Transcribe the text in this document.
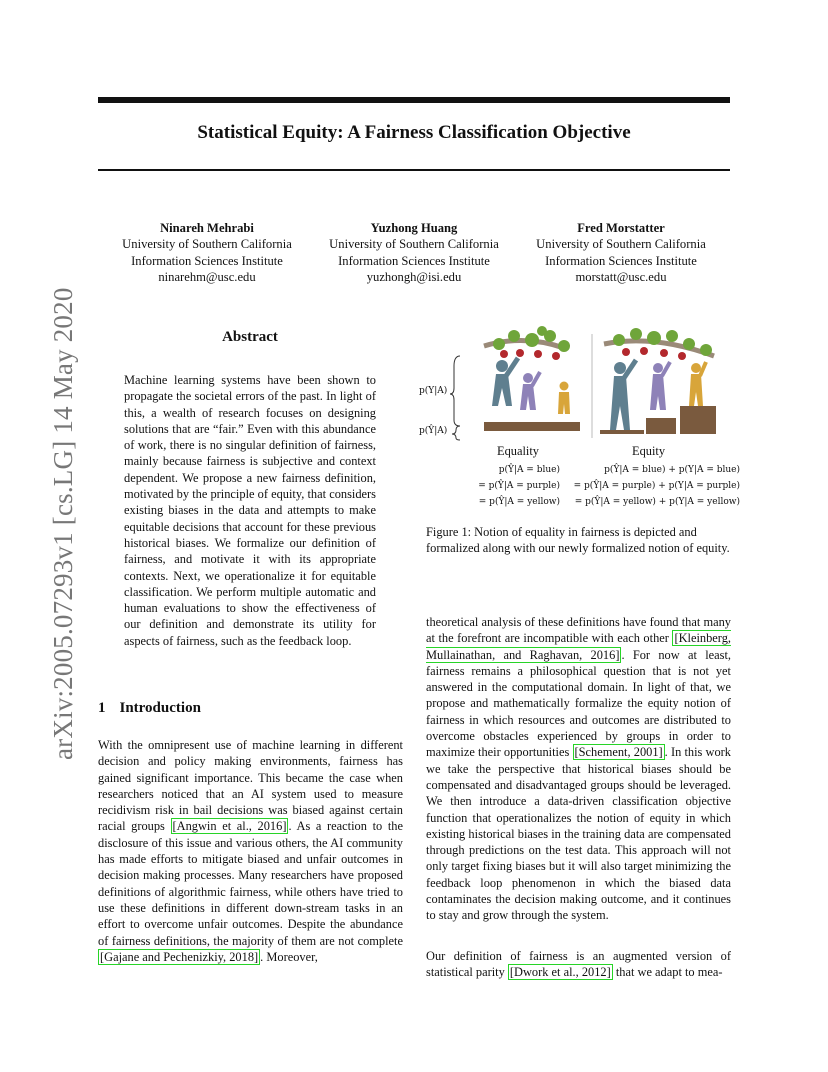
arXiv:2005.07293v1 [cs.LG] 14 May 2020
Statistical Equity: A Fairness Classification Objective
Ninareh Mehrabi
University of Southern California
Information Sciences Institute
ninarehm@usc.edu
Yuzhong Huang
University of Southern California
Information Sciences Institute
yuzhongh@isi.edu
Fred Morstatter
University of Southern California
Information Sciences Institute
morstatt@usc.edu
Abstract
Machine learning systems have been shown to propagate the societal errors of the past. In light of this, a wealth of research focuses on designing solutions that are “fair.” Even with this abundance of work, there is no singular definition of fairness, mainly because fairness is subjective and context dependent. We propose a new fairness definition, motivated by the principle of equity, that considers existing biases in the data and attempts to make equitable decisions that account for these previous historical biases. We formalize our definition of fairness, and motivate it with its appropriate contexts. Next, we operationalize it for equitable classification. We perform multiple automatic and human evaluations to show the effectiveness of our definition and demonstrate its utility for aspects of fairness, such as the feedback loop.
p(Y|A)
p(Ŷ|A)
Equality	Equity
p(Ŷ|A = blue)
= p(Ŷ|A = purple)
= p(Ŷ|A = yellow)
p(Ŷ|A = blue) + p(Y|A = blue)
= p(Ŷ|A = purple) + p(Y|A = purple)
= p(Ŷ|A = yellow) + p(Y|A = yellow)
Figure 1: Notion of equality in fairness is depicted and formalized along with our newly formalized notion of equity.
1 Introduction
With the omnipresent use of machine learning in different decision and policy making environments, fairness has gained significant importance. This became the case when researchers noticed that an AI system used to measure recidivism risk in bail decisions was biased against certain racial groups [Angwin et al., 2016] . As a reaction to the disclosure of this issue and various others, the AI community has made efforts to mitigate biased and unfair outcomes in decision making processes. Many researchers have proposed definitions of algorithmic fairness, while others have tried to use these definitions in different down-stream tasks in an effort to overcome unfair outcomes. Despite the abundance of fairness definitions, the majority of them are not complete [Gajane and Pechenizkiy, 2018] . Moreover,
theoretical analysis of these definitions have found that many at the forefront are incompatible with each other [Kleinberg, Mullainathan, and Raghavan, 2016] . For now at least, fairness remains a philosophical question that is not yet answered in the computational domain. In light of that, we propose and mathematically formalize the equity notion of fairness in which resources and outcomes are distributed to overcome obstacles experienced by groups in order to maximize their opportunities [Schement, 2001] . In this work we take the perspective that historical biases should be compensated and disadvantaged groups should be leveraged. We then introduce a data-driven classification objective function that operationalizes the notion of equity in which existing historical biases in the training data are compensated through predictions on the test data. This approach will not only target fixing biases but it will also target minimizing the feedback loop phenomenon in which the biased data contaminates the decision making outcome, and it continues to stay and grow through the system.
Our definition of fairness is an augmented version of statistical parity [Dwork et al., 2012] that we adapt to mea-
